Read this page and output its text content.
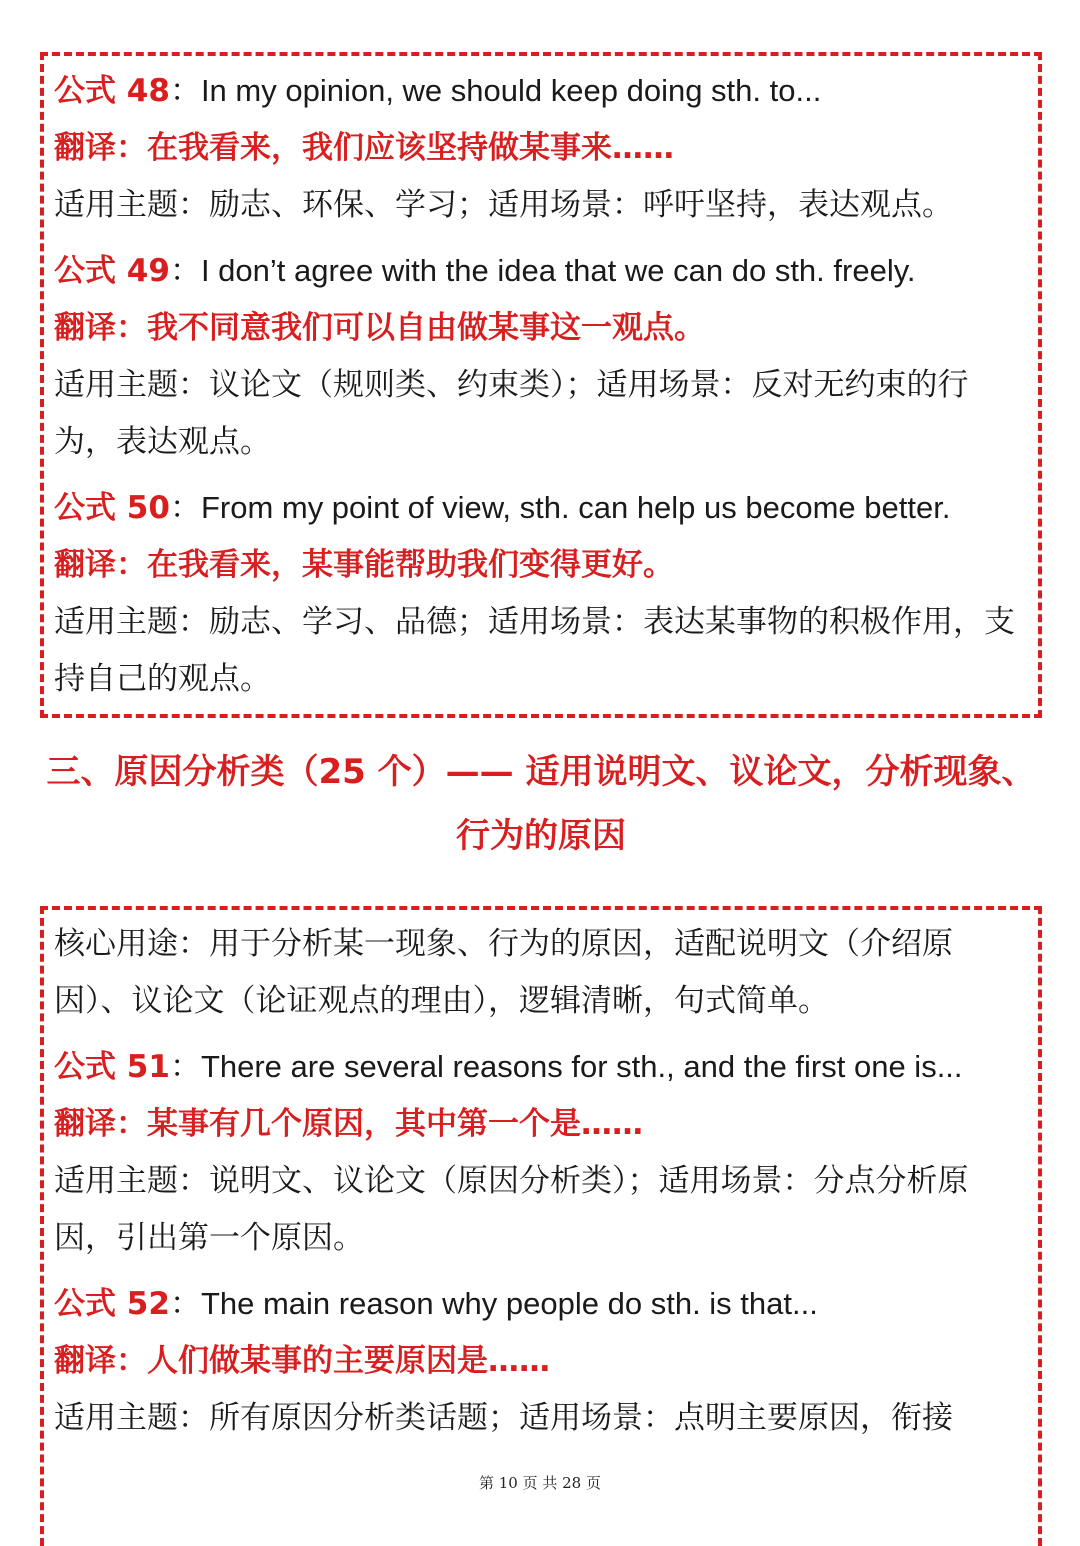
公式 48：In my opinion, we should keep doing sth. to...
翻译：在我看来，我们应该坚持做某事来……
适用主题：励志、环保、学习；适用场景：呼吁坚持，表达观点。
公式 49：I don’t agree with the idea that we can do sth. freely.
翻译：我不同意我们可以自由做某事这一观点。
适用主题：议论文（规则类、约束类）；适用场景：反对无约束的行为，表达观点。
公式 50：From my point of view, sth. can help us become better.
翻译：在我看来，某事能帮助我们变得更好。
适用主题：励志、学习、品德；适用场景：表达某事物的积极作用，支持自己的观点。
三、原因分析类（25 个）—— 适用说明文、议论文，分析现象、行为的原因
核心用途：用于分析某一现象、行为的原因，适配说明文（介绍原因）、议论文（论证观点的理由），逻辑清晰，句式简单。
公式 51：There are several reasons for sth., and the first one is...
翻译：某事有几个原因，其中第一个是……
适用主题：说明文、议论文（原因分析类）；适用场景：分点分析原因，引出第一个原因。
公式 52：The main reason why people do sth. is that...
翻译：人们做某事的主要原因是……
适用主题：所有原因分析类话题；适用场景：点明主要原因，衔接
第 10 页 共 28 页
